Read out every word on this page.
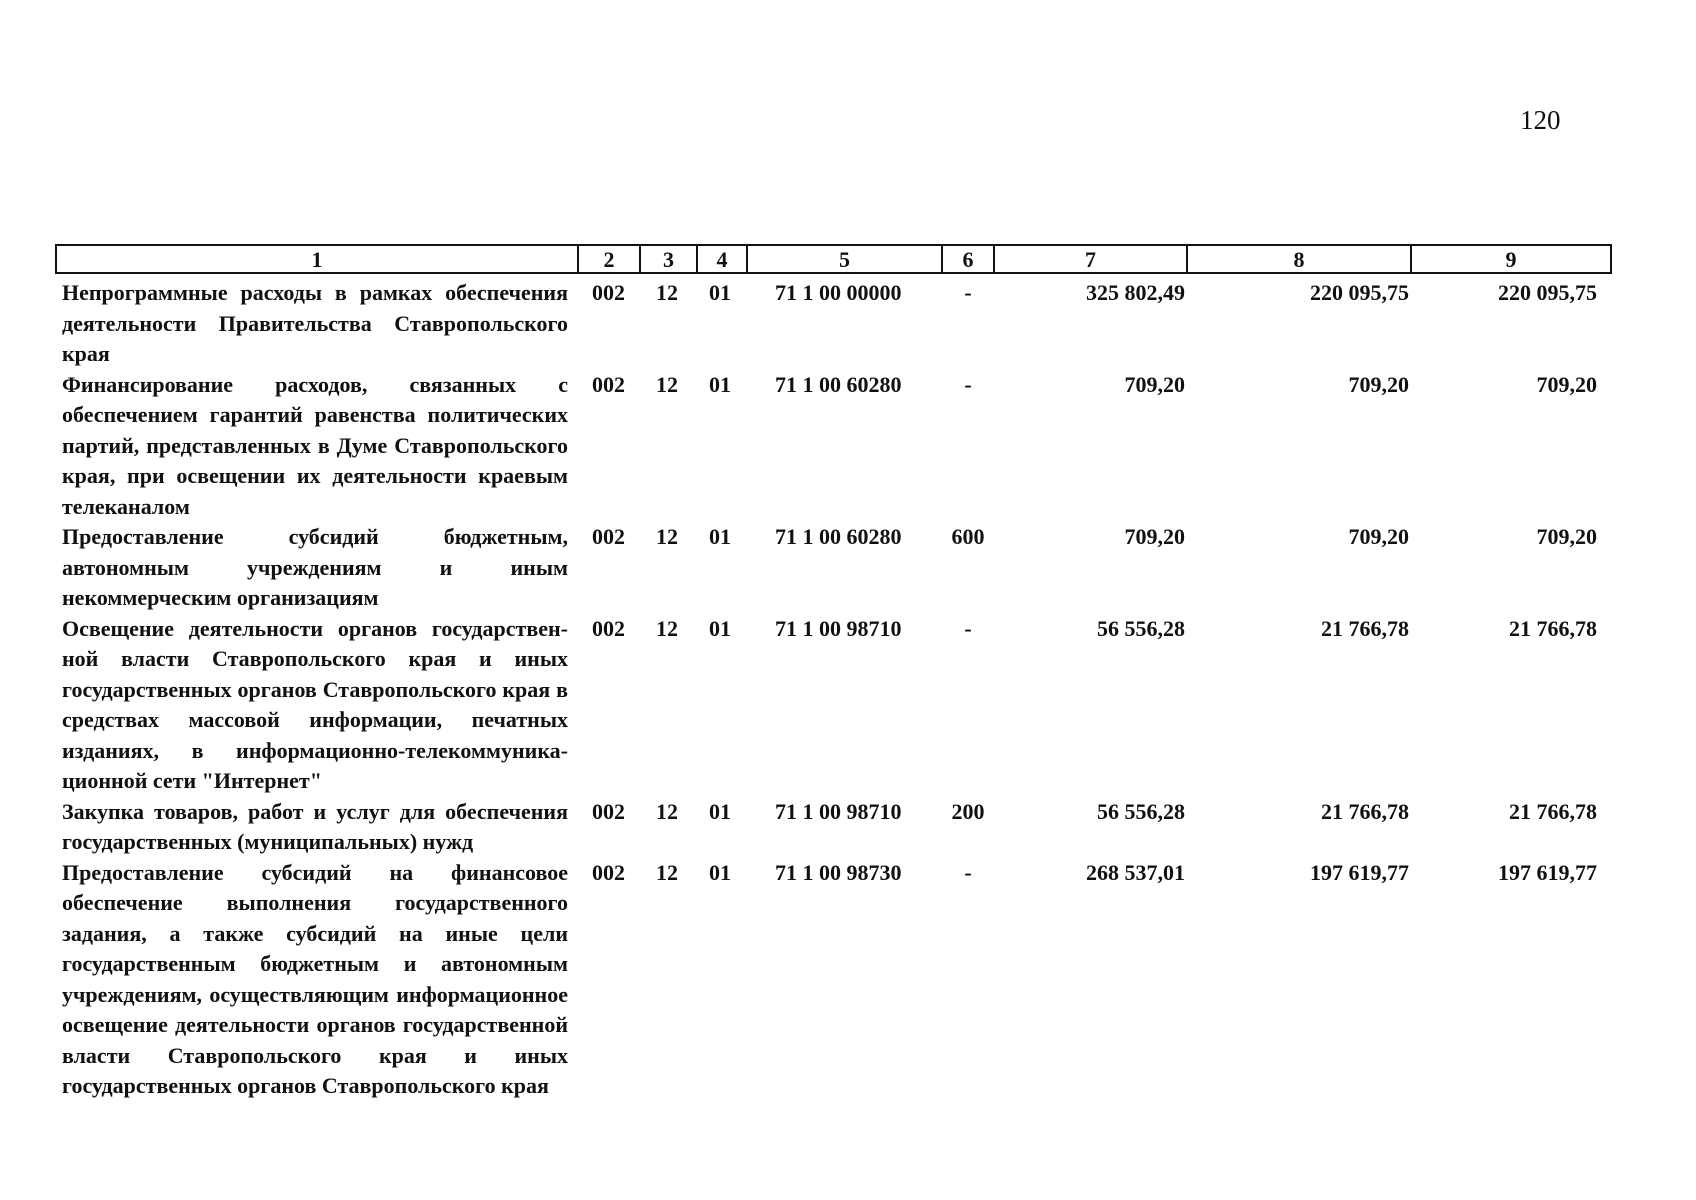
120
1	2	3	4	5	6	7	8	9
Непрограммные расходы в рамках обеспечения деятельности Правительства Ставропольского края	002	12	01	71 1 00 00000	-	325 802,49	220 095,75	220 095,75
Финансирование расходов, связанных с обеспечением гарантий равенства политических партий, представленных в Думе Ставропольского края, при освещении их деятельности краевым телеканалом	002	12	01	71 1 00 60280	-	709,20	709,20	709,20
Предоставление субсидий бюджетным, автономным учреждениям и иным некоммерческим организациям	002	12	01	71 1 00 60280	600	709,20	709,20	709,20
Освещение деятельности органов государствен-ной власти Ставропольского края и иных государственных органов Ставропольского края в средствах массовой информации, печатных изданиях, в информационно-телекоммуника-ционной сети "Интернет"	002	12	01	71 1 00 98710	-	56 556,28	21 766,78	21 766,78
Закупка товаров, работ и услуг для обеспечения государственных (муниципальных) нужд	002	12	01	71 1 00 98710	200	56 556,28	21 766,78	21 766,78
Предоставление субсидий на финансовое обеспечение выполнения государственного задания, а также субсидий на иные цели государственным бюджетным и автономным учреждениям, осуществляющим информационное освещение деятельности органов государственной власти Ставропольского края и иных государственных органов Ставропольского края	002	12	01	71 1 00 98730	-	268 537,01	197 619,77	197 619,77
